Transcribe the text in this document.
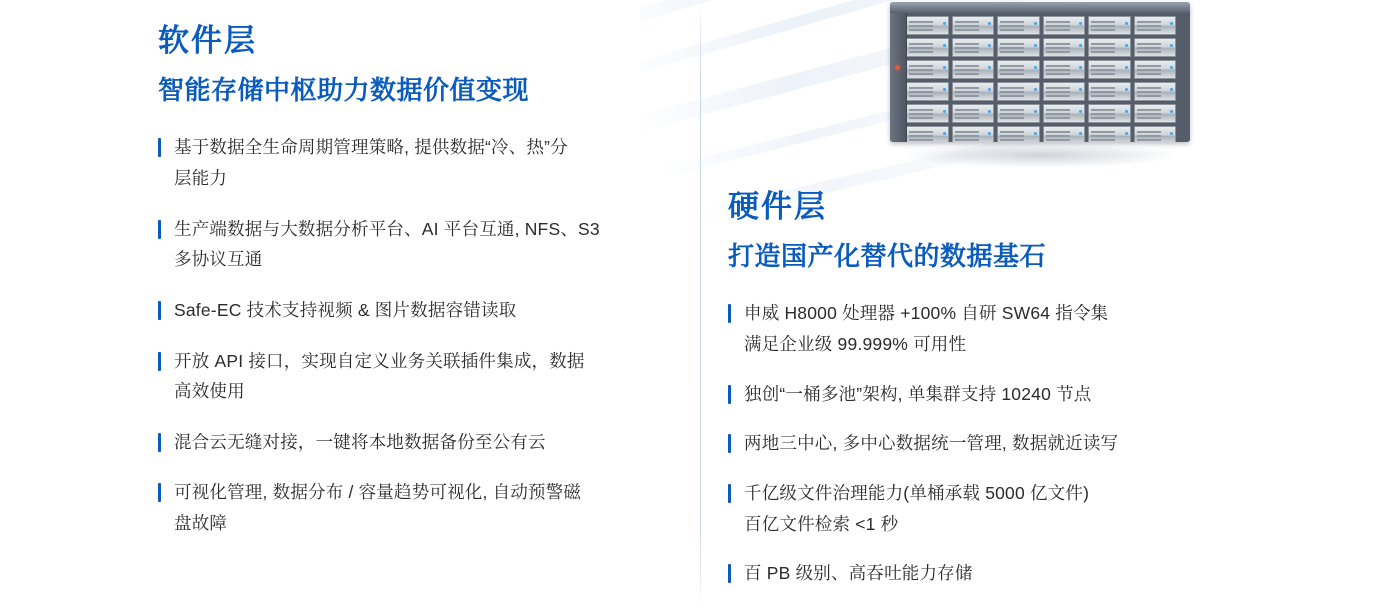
软件层
智能存储中枢助力数据价值变现
基于数据全生命周期管理策略, 提供数据“冷、热”分
层能力
生产端数据与大数据分析平台、AI 平台互通, NFS、S3
多协议互通
Safe-EC 技术支持视频 & 图片数据容错读取
开放 API 接口，实现自定义业务关联插件集成，数据
高效使用
混合云无缝对接，一键将本地数据备份至公有云
可视化管理, 数据分布 / 容量趋势可视化, 自动预警磁
盘故障
硬件层
打造国产化替代的数据基石
申威 H8000 处理器 +100% 自研 SW64 指令集
满足企业级 99.999% 可用性
独创“一桶多池”架构, 单集群支持 10240 节点
两地三中心, 多中心数据统一管理, 数据就近读写
千亿级文件治理能力(单桶承载 5000 亿文件)
百亿文件检索 <1 秒
百 PB 级别、高吞吐能力存储
